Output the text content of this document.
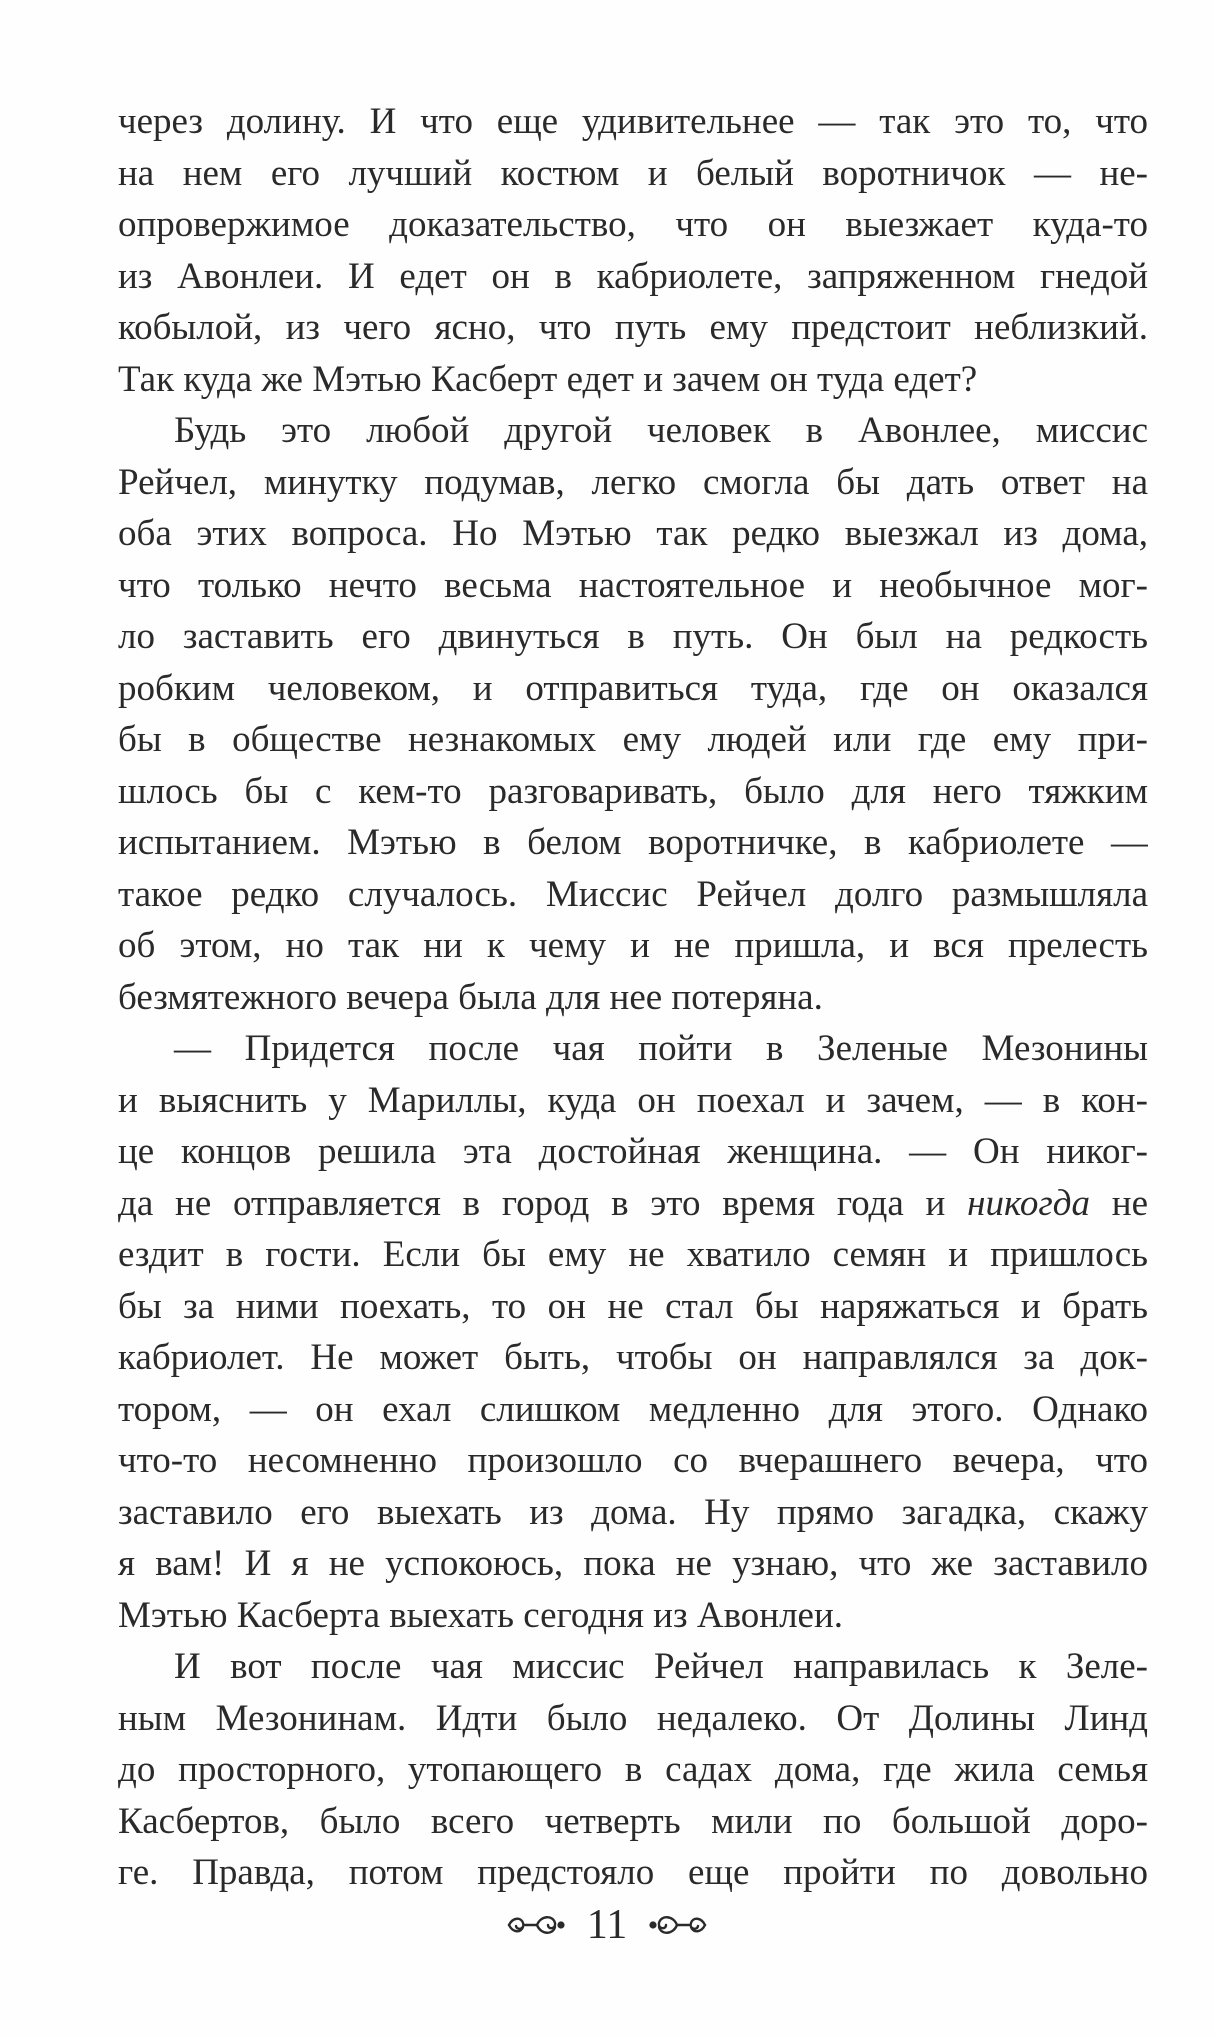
через долину. И что еще удивительнее — так это то, что
на нем его лучший костюм и белый воротничок — не-
опровержимое доказательство, что он выезжает куда-то
из Авонлеи. И едет он в кабриолете, запряженном гнедой
кобылой, из чего ясно, что путь ему предстоит неблизкий.
Так куда же Мэтью Касберт едет и зачем он туда едет?
Будь это любой другой человек в Авонлее, миссис
Рейчел, минутку подумав, легко смогла бы дать ответ на
оба этих вопроса. Но Мэтью так редко выезжал из дома,
что только нечто весьма настоятельное и необычное мог-
ло заставить его двинуться в путь. Он был на редкость
робким человеком, и отправиться туда, где он оказался
бы в обществе незнакомых ему людей или где ему при-
шлось бы с кем-то разговаривать, было для него тяжким
испытанием. Мэтью в белом воротничке, в кабриолете —
такое редко случалось. Миссис Рейчел долго размышляла
об этом, но так ни к чему и не пришла, и вся прелесть
безмятежного вечера была для нее потеряна.
— Придется после чая пойти в Зеленые Мезонины
и выяснить у Мариллы, куда он поехал и зачем, — в кон-
це концов решила эта достойная женщина. — Он никог-
да не отправляется в город в это время года и никогда не
ездит в гости. Если бы ему не хватило семян и пришлось
бы за ними поехать, то он не стал бы наряжаться и брать
кабриолет. Не может быть, чтобы он направлялся за док-
тором, — он ехал слишком медленно для этого. Однако
что-то несомненно произошло со вчерашнего вечера, что
заставило его выехать из дома. Ну прямо загадка, скажу
я вам! И я не успокоюсь, пока не узнаю, что же заставило
Мэтью Касберта выехать сегодня из Авонлеи.
И вот после чая миссис Рейчел направилась к Зеле-
ным Мезонинам. Идти было недалеко. От Долины Линд
до просторного, утопающего в садах дома, где жила семья
Касбертов, было всего четверть мили по большой доро-
ге. Правда, потом предстояло еще пройти по довольно
11
